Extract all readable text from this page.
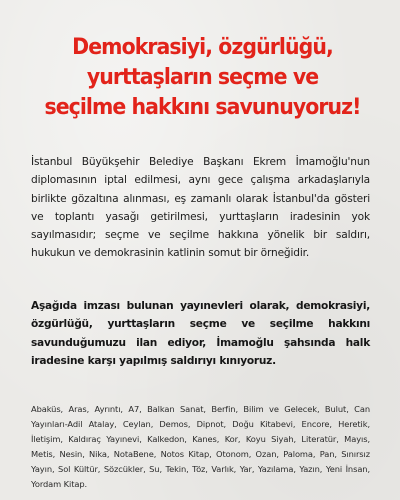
Demokrasiyi, özgürlüğü,
yurttaşların seçme ve
seçilme hakkını savunuyoruz!

İstanbul Büyükşehir Belediye Başkanı Ekrem İmamoğlu'nun diplomasının iptal edilmesi, aynı gece çalışma arkadaşlarıyla birlikte gözaltına alınması, eş zamanlı olarak İstanbul'da gösteri ve toplantı yasağı getirilmesi, yurttaşların iradesinin yok sayılmasıdır; seçme ve seçilme hakkına yönelik bir saldırı, hukukun ve demokrasinin katlinin somut bir örneğidir.

Aşağıda imzası bulunan yayınevleri olarak, demokrasiyi, özgürlüğü, yurttaşların seçme ve seçilme hakkını savunduğumuzu ilan ediyor, İmamoğlu şahsında halk iradesine karşı yapılmış saldırıyı kınıyoruz.

Abaküs, Aras, Ayrıntı, A7, Balkan Sanat, Berfin, Bilim ve Gelecek, Bulut, Can Yayınları-Adil Atalay, Ceylan, Demos, Dipnot, Doğu Kitabevi, Encore, Heretik, İletişim, Kaldıraç Yayınevi, Kalkedon, Kanes, Kor, Koyu Siyah, Literatür, Mayıs, Metis, Nesin, Nika, NotaBene, Notos Kitap, Otonom, Ozan, Paloma, Pan, Sınırsız Yayın, Sol Kültür, Sözcükler, Su, Tekin, Töz, Varlık, Yar, Yazılama, Yazın, Yeni İnsan, Yordam Kitap.
